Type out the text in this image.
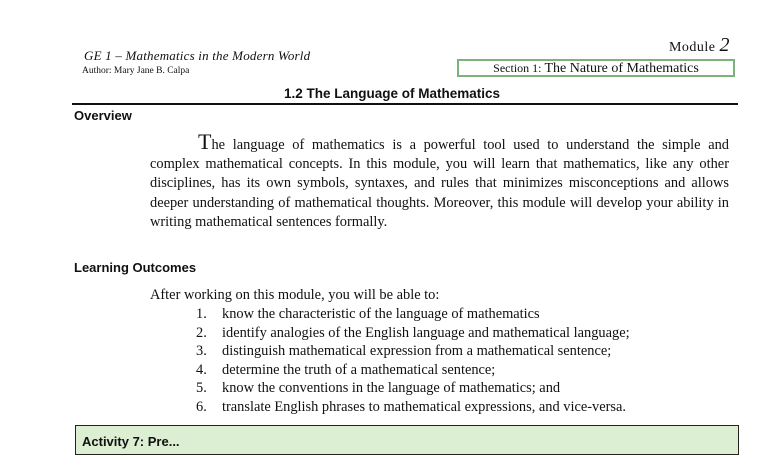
GE 1 – Mathematics in the Modern World
Author: Mary Jane B. Calpa
Module 2
Section 1: The Nature of Mathematics
1.2 The Language of Mathematics
Overview
The language of mathematics is a powerful tool used to understand the simple and complex mathematical concepts. In this module, you will learn that mathematics, like any other disciplines, has its own symbols, syntaxes, and rules that minimizes misconceptions and allows deeper understanding of mathematical thoughts. Moreover, this module will develop your ability in writing mathematical sentences formally.
Learning Outcomes
After working on this module, you will be able to:
1. know the characteristic of the language of mathematics
2. identify analogies of the English language and mathematical language;
3. distinguish mathematical expression from a mathematical sentence;
4. determine the truth of a mathematical sentence;
5. know the conventions in the language of mathematics; and
6. translate English phrases to mathematical expressions, and vice-versa.
Activity 7: Pre...
